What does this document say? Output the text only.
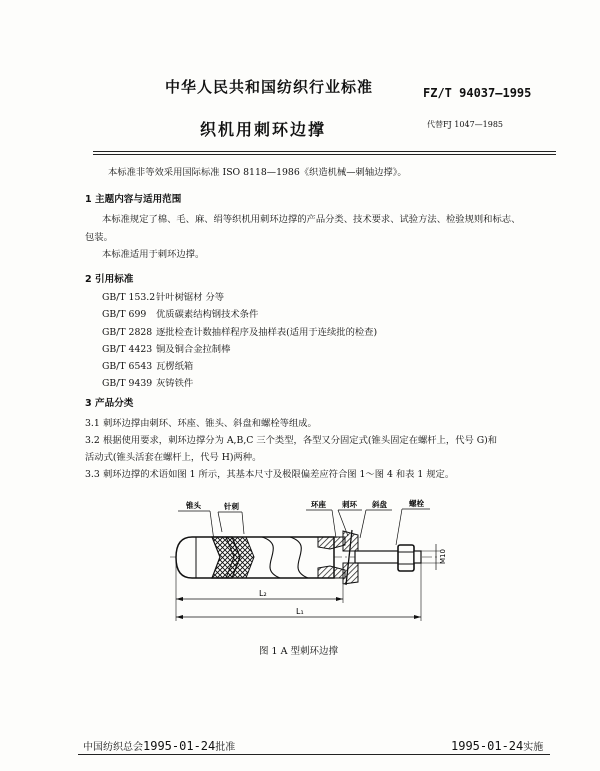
中华人民共和国纺织行业标准	FZ/T 94037—1995
织机用刺环边撑	代替FJ 1047—1985
本标准非等效采用国际标准 ISO 8118—1986《织造机械—刺轴边撑》。
1 主题内容与适用范围
本标准规定了棉、毛、麻、绢等织机用刺环边撑的产品分类、技术要求、试验方法、检验规则和标志、
包装。
本标准适用于刺环边撑。
2 引用标准
GB/T 153.2针叶树锯材 分等
GB/T 699 优质碳素结构钢技术条件
GB/T 2828 逐批检查计数抽样程序及抽样表(适用于连续批的检查)
GB/T 4423 铜及铜合金拉制棒
GB/T 6543 瓦楞纸箱
GB/T 9439 灰铸铁件
3 产品分类
3.1 刺环边撑由刺环、环座、锥头、斜盘和螺栓等组成。
3.2 根据使用要求，刺环边撑分为 A,B,C 三个类型，各型又分固定式(锥头固定在螺杆上，代号 G)和
活动式(锥头活套在螺杆上，代号 H)两种。
3.3 刺环边撑的术语如图 1 所示，其基本尺寸及极限偏差应符合图 1～图 4 和表 1 规定。
锥头	针刺	环座 刺环 斜盘	螺栓
M10
L₂
L₁
图 1 A 型刺环边撑
中国纺织总会1995-01-24批准	1995-01-24实施
